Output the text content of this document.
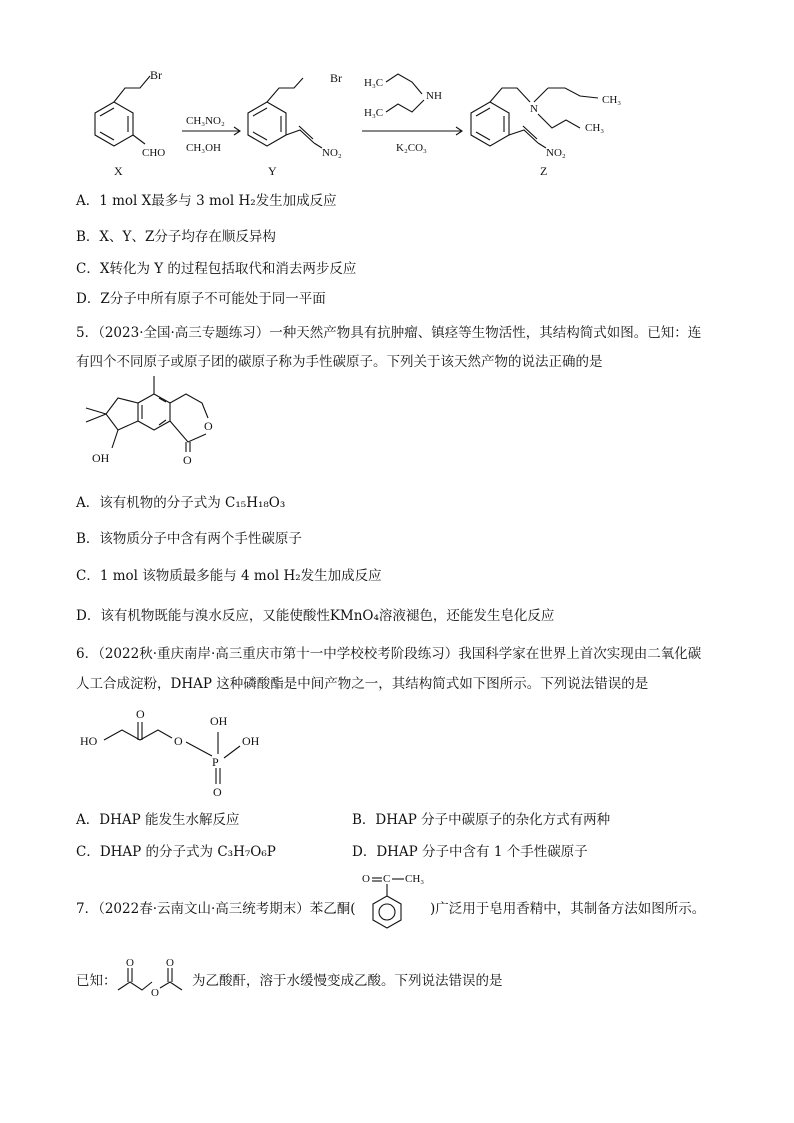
Br
CHO
X
CH₃NO₂
CH₃OH
Br
NO₂
Y
H₃C
NH
H₃C
K₂CO₃
N
CH₃
CH₃
NO₂
Z
A．1 mol X最多与 3 mol H₂发生加成反应
B．X、Y、Z分子均存在顺反异构
C．X转化为 Y 的过程包括取代和消去两步反应
D．Z分子中所有原子不可能处于同一平面
5．（2023·全国·高三专题练习）一种天然产物具有抗肿瘤、镇痉等生物活性，其结构简式如图。已知：连
有四个不同原子或原子团的碳原子称为手性碳原子。下列关于该天然产物的说法正确的是
OH
O
O
A．该有机物的分子式为 C₁₅H₁₈O₃
B．该物质分子中含有两个手性碳原子
C．1 mol 该物质最多能与 4 mol H₂发生加成反应
D．该有机物既能与溴水反应，又能使酸性KMnO₄溶液褪色，还能发生皂化反应
6．（2022秋·重庆南岸·高三重庆市第十一中学校校考阶段练习）我国科学家在世界上首次实现由二氧化碳
人工合成淀粉，DHAP 这种磷酸酯是中间产物之一，其结构简式如下图所示。下列说法错误的是
HO
O
O
P
OH
OH
O
A．DHAP 能发生水解反应	B．DHAP 分子中碳原子的杂化方式有两种
C．DHAP 的分子式为 C₃H₇O₆P	D．DHAP 分子中含有 1 个手性碳原子
7．（2022春·云南文山·高三统考期末）苯乙酮(
O C CH₃
)广泛用于皂用香精中，其制备方法如图所示。
已知：
O
O
O
为乙酸酐，溶于水缓慢变成乙酸。下列说法错误的是
